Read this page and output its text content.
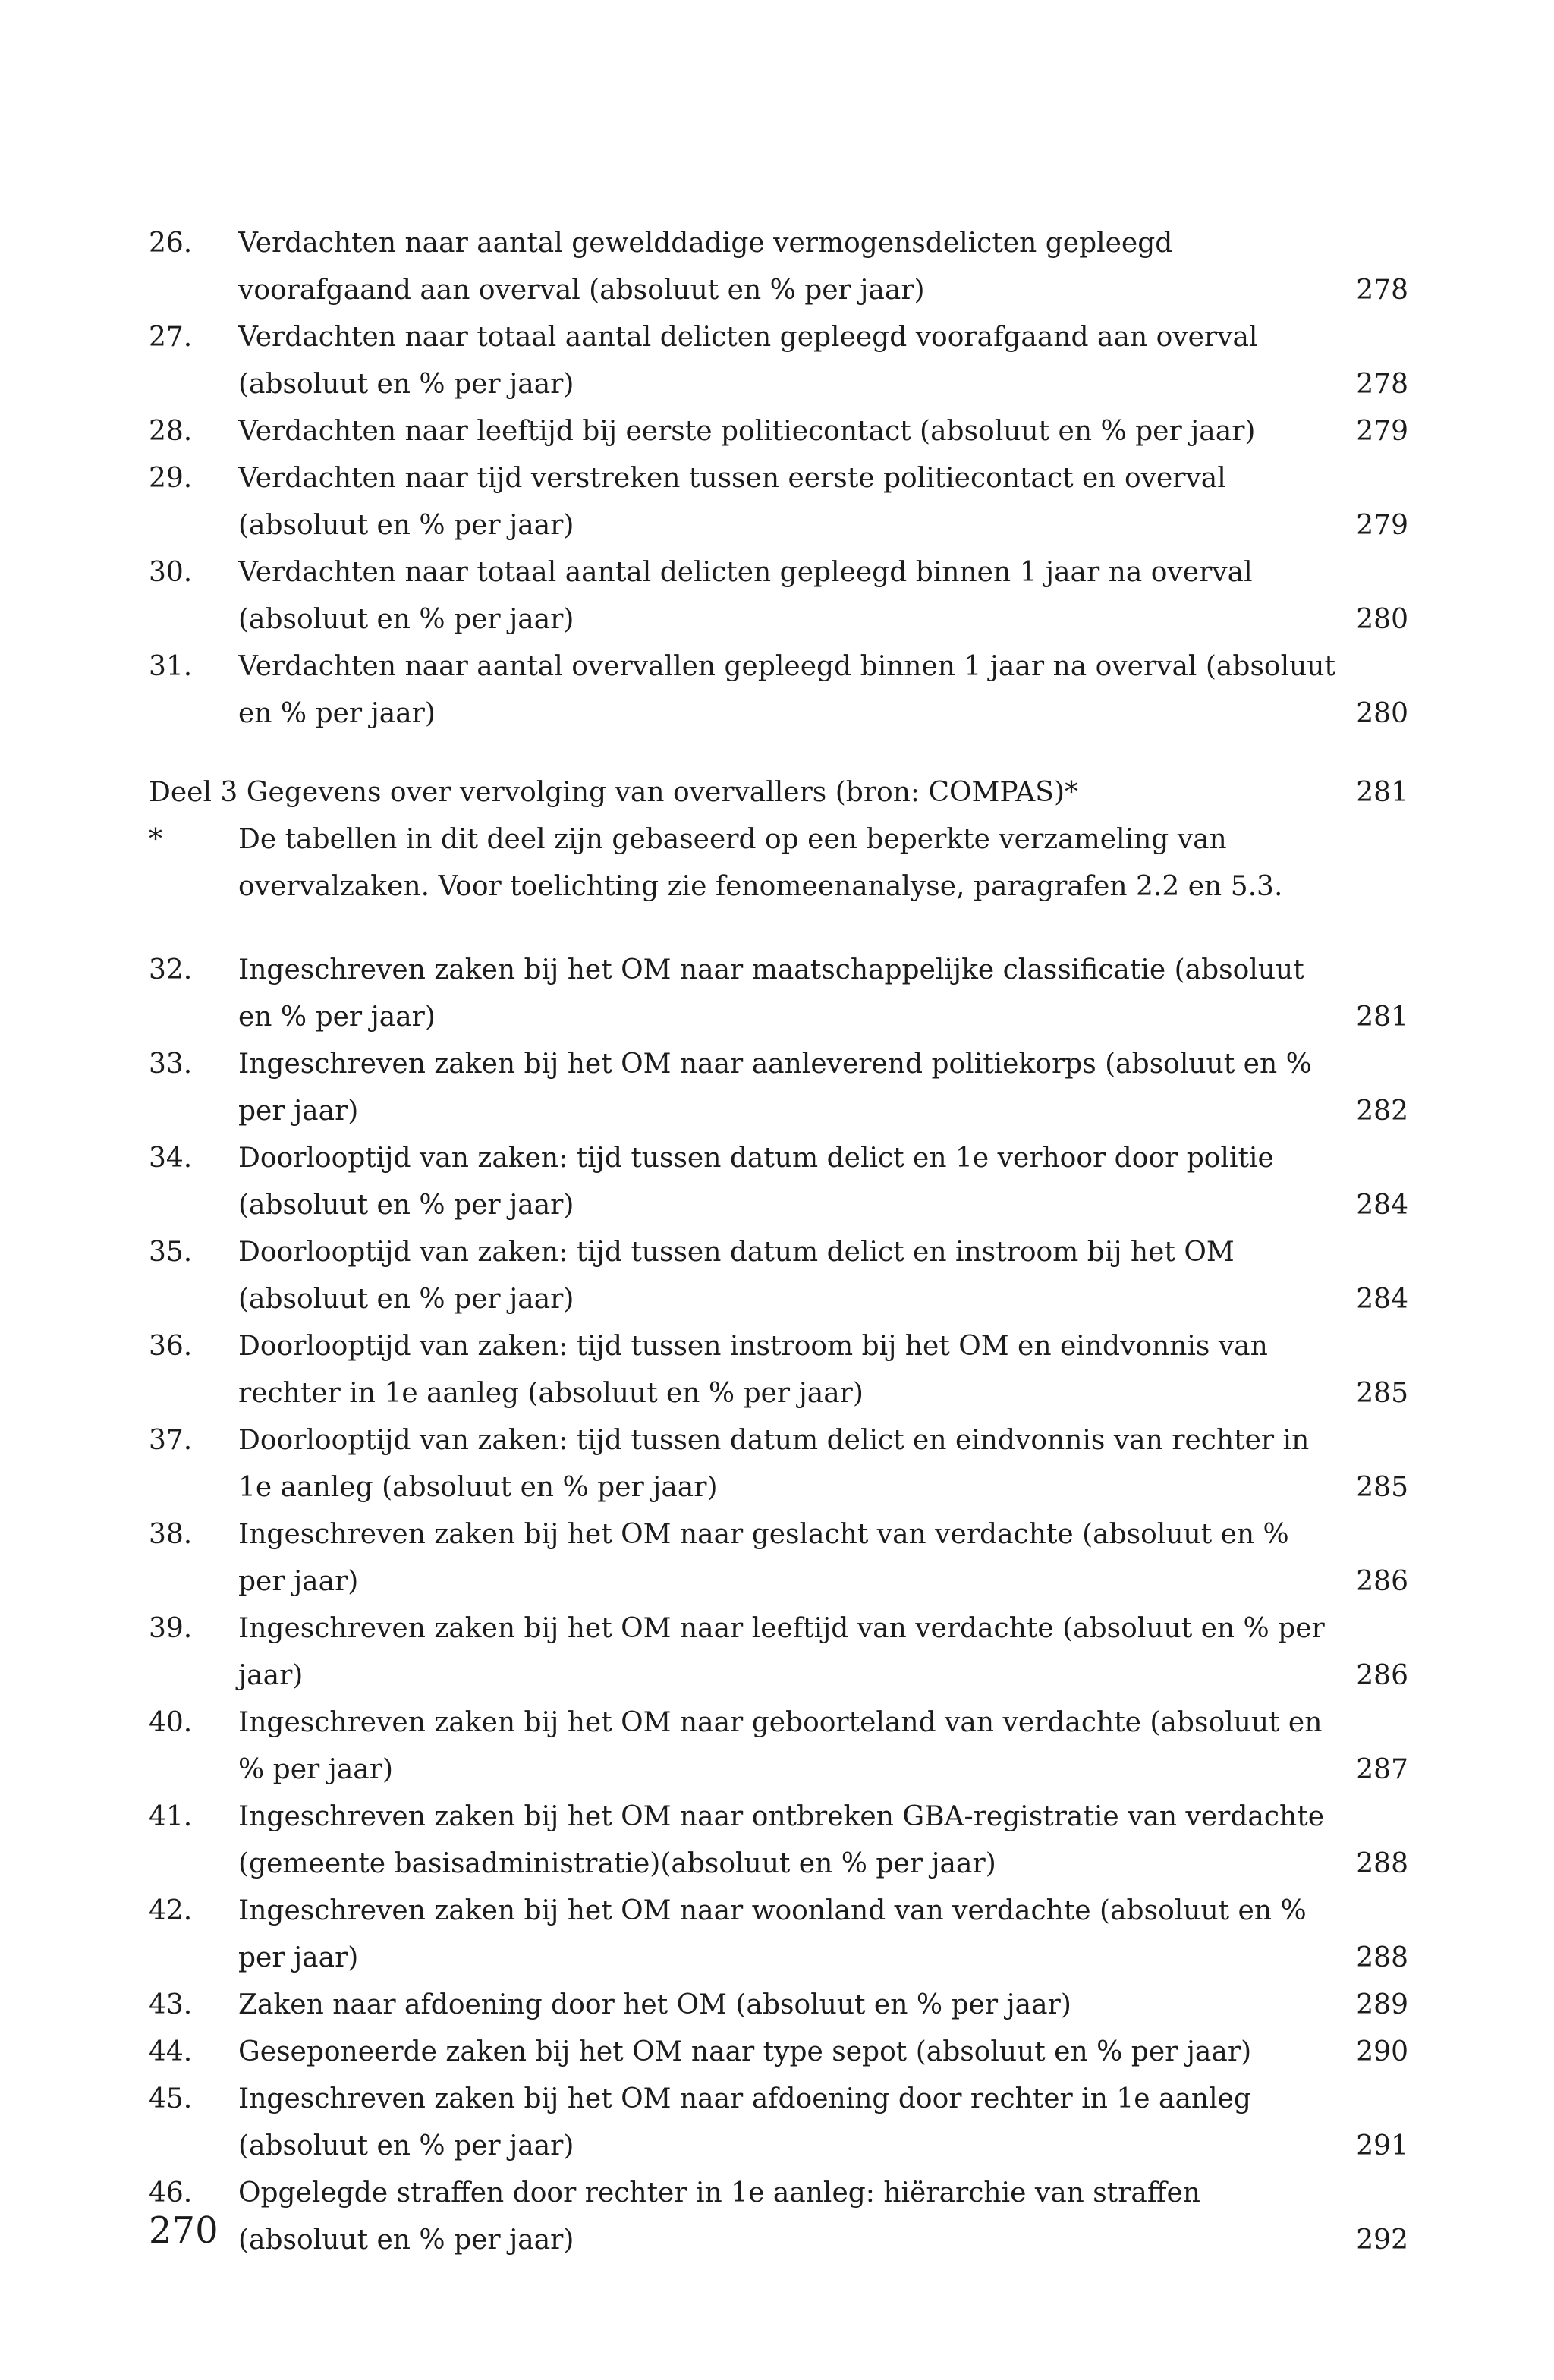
26.	Verdachten naar aantal gewelddadige vermogensdelicten gepleegd voorafgaand aan overval (absoluut en % per jaar)	278
27.	Verdachten naar totaal aantal delicten gepleegd voorafgaand aan overval (absoluut en % per jaar)	278
28.	Verdachten naar leeftijd bij eerste politiecontact (absoluut en % per jaar)	279
29.	Verdachten naar tijd verstreken tussen eerste politiecontact en overval (absoluut en % per jaar)	279
30.	Verdachten naar totaal aantal delicten gepleegd binnen 1 jaar na overval (absoluut en % per jaar)	280
31.	Verdachten naar aantal overvallen gepleegd binnen 1 jaar na overval (absoluut en % per jaar)	280
Deel 3 Gegevens over vervolging van overvallers (bron: COMPAS)*	281
*	De tabellen in dit deel zijn gebaseerd op een beperkte verzameling van overvalzaken. Voor toelichting zie fenomeenanalyse, paragrafen 2.2 en 5.3.
32.	Ingeschreven zaken bij het OM naar maatschappelijke classificatie (absoluut en % per jaar)	281
33.	Ingeschreven zaken bij het OM naar aanleverend politiekorps (absoluut en % per jaar)	282
34.	Doorlooptijd van zaken: tijd tussen datum delict en 1e verhoor door politie (absoluut en % per jaar)	284
35.	Doorlooptijd van zaken: tijd tussen datum delict en instroom bij het OM (absoluut en % per jaar)	284
36.	Doorlooptijd van zaken: tijd tussen instroom bij het OM en eindvonnis van rechter in 1e aanleg (absoluut en % per jaar)	285
37.	Doorlooptijd van zaken: tijd tussen datum delict en eindvonnis van rechter in 1e aanleg (absoluut en % per jaar)	285
38.	Ingeschreven zaken bij het OM naar geslacht van verdachte (absoluut en % per jaar)	286
39.	Ingeschreven zaken bij het OM naar leeftijd van verdachte (absoluut en % per jaar)	286
40.	Ingeschreven zaken bij het OM naar geboorteland van verdachte (absoluut en % per jaar)	287
41.	Ingeschreven zaken bij het OM naar ontbreken GBA-registratie van verdachte (gemeente basisadministratie)(absoluut en % per jaar)	288
42.	Ingeschreven zaken bij het OM naar woonland van verdachte (absoluut en % per jaar)	288
43.	Zaken naar afdoening door het OM (absoluut en % per jaar)	289
44.	Geseponeerde zaken bij het OM naar type sepot (absoluut en % per jaar)	290
45.	Ingeschreven zaken bij het OM naar afdoening door rechter in 1e aanleg (absoluut en % per jaar)	291
46.	Opgelegde straffen door rechter in 1e aanleg: hiërarchie van straffen (absoluut en % per jaar)	292
270
